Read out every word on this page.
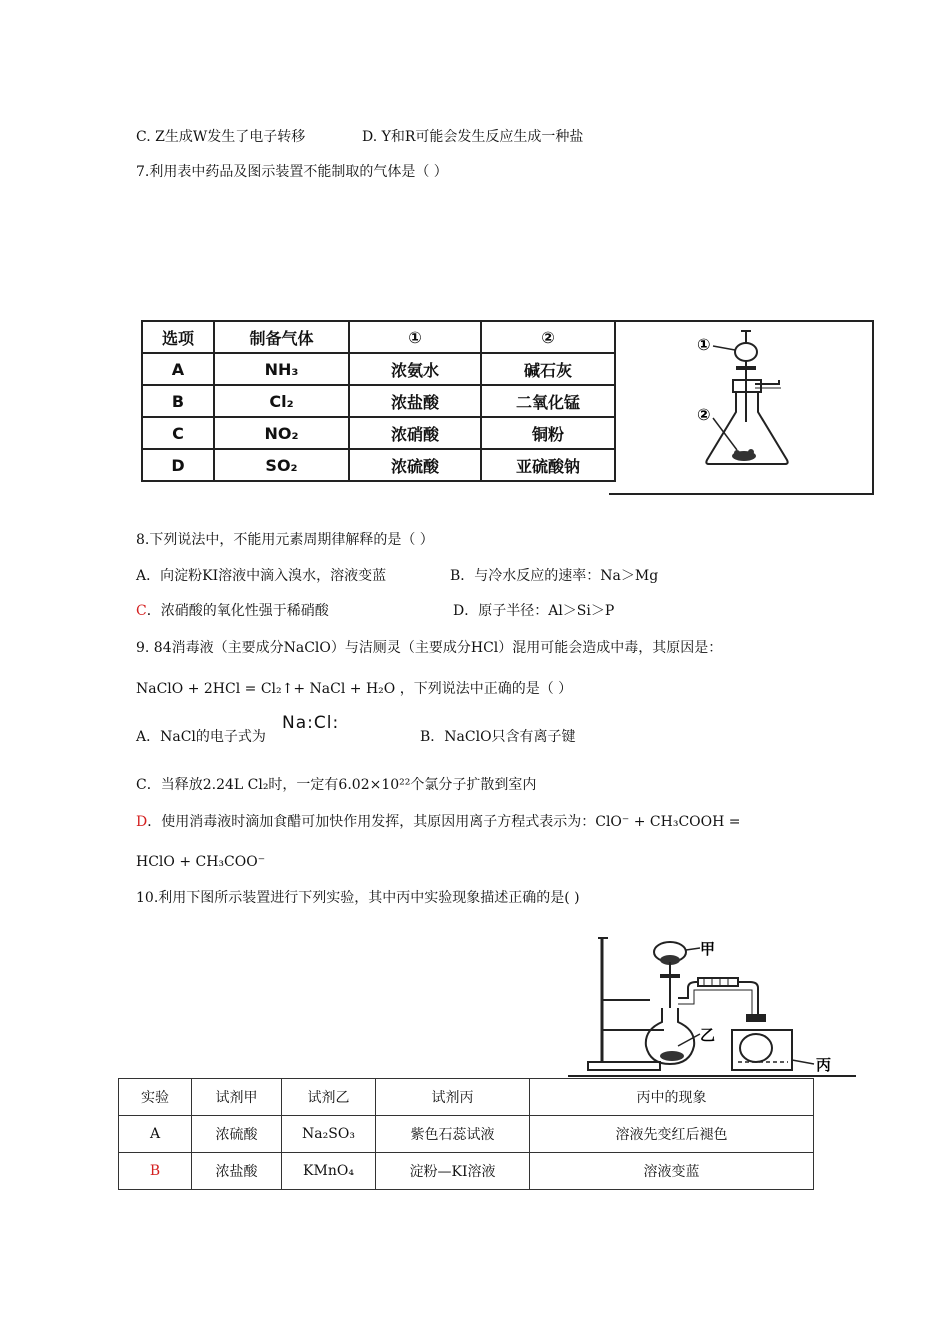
C. Z生成W发生了电子转移	D. Y和R可能会发生反应生成一种盐
7.利用表中药品及图示装置不能制取的气体是（ ）
选项	制备气体	①	②
A	NH₃	浓氨水	碱石灰
B	Cl₂	浓盐酸	二氧化锰
C	NO₂	浓硝酸	铜粉
D	SO₂	浓硫酸	亚硫酸钠
①
②
8.下列说法中，不能用元素周期律解释的是（ ）
A．向淀粉KI溶液中滴入溴水，溶液变蓝	B．与冷水反应的速率：Na＞Mg
C．浓硝酸的氧化性强于稀硝酸	D．原子半径：Al＞Si＞P
9. 84消毒液（主要成分NaClO）与洁厕灵（主要成分HCl）混用可能会造成中毒，其原因是：
NaClO + 2HCl = Cl₂↑+ NaCl + H₂O ，下列说法中正确的是（ ）
A．NaCl的电子式为
Na:Cl:
B．NaClO只含有离子键
C．当释放2.24L Cl₂时，一定有6.02×10²²个氯分子扩散到室内
D．使用消毒液时滴加食醋可加快作用发挥，其原因用离子方程式表示为：ClO⁻ + CH₃COOH =
HClO + CH₃COO⁻
10.利用下图所示装置进行下列实验，其中丙中实验现象描述正确的是( )
甲
乙
丙
实验	试剂甲	试剂乙	试剂丙	丙中的现象
A	浓硫酸	Na₂SO₃	紫色石蕊试液	溶液先变红后褪色
B	浓盐酸	KMnO₄	淀粉—KI溶液	溶液变蓝
